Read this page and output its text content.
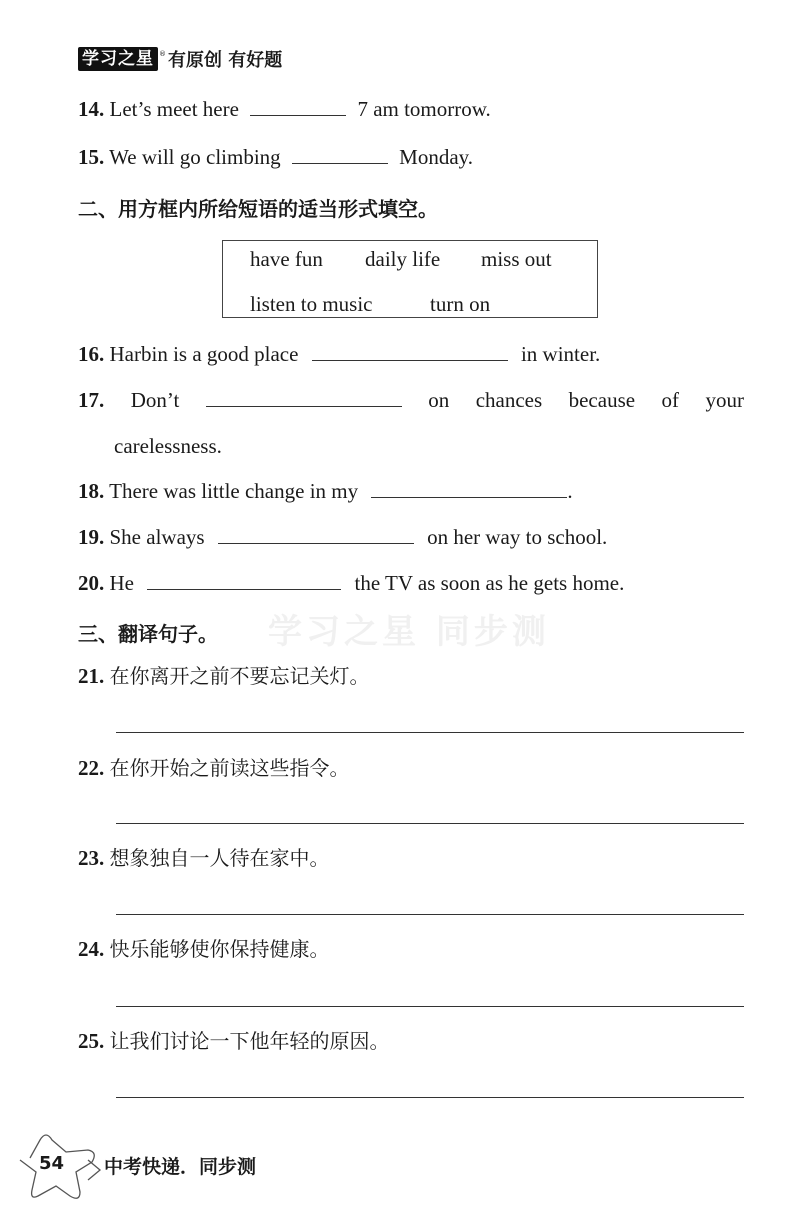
学习之星 ® 有原创 有好题
14. Let’s meet here	7 am tomorrow.
15. We will go climbing	Monday.
二、用方框内所给短语的适当形式填空。
have fun daily life miss out
listen to music	turn on
16. Harbin is a good place	in winter.
17. Don’t	on chances because of your
carelessness.
18. There was little change in my	.
19. She always	on her way to school.
20. He	the TV as soon as he gets home.
学习之星 同步测
三、翻译句子。
21. 在你离开之前不要忘记关灯。
22. 在你开始之前读这些指令。
23. 想象独自一人待在家中。
24. 快乐能够使你保持健康。
25. 让我们讨论一下他年轻的原因。
54 中考快递．同步测
